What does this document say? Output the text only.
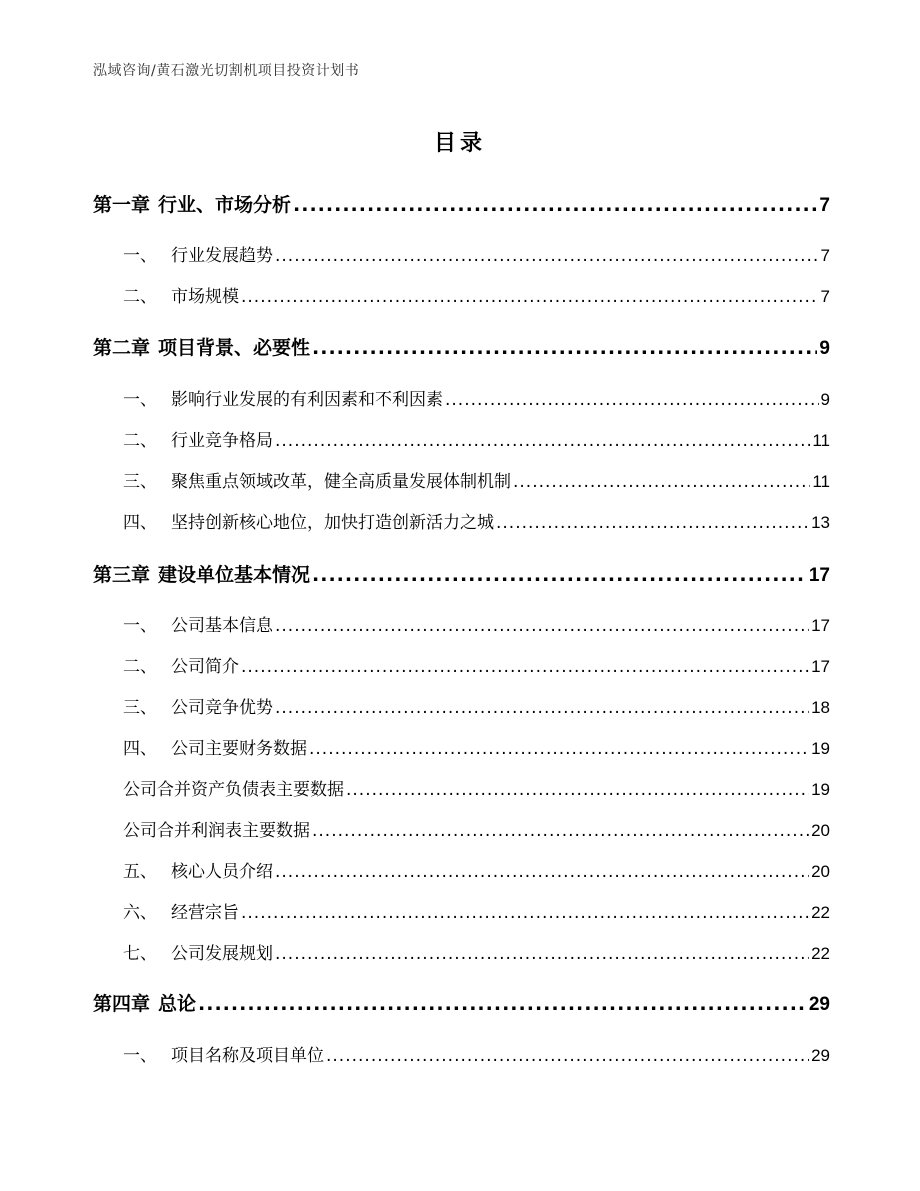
泓域咨询/黄石激光切割机项目投资计划书
目录
第一章 行业、市场分析 .....	7
一、 行业发展趋势 .....	7
二、 市场规模 .....	7
第二章 项目背景、必要性 .....	9
一、 影响行业发展的有利因素和不利因素 .....	9
二、 行业竞争格局 .....	11
三、 聚焦重点领域改革，健全高质量发展体制机制 .....	11
四、 坚持创新核心地位，加快打造创新活力之城 .....	13
第三章 建设单位基本情况 .....	17
一、 公司基本信息 .....	17
二、 公司简介 .....	17
三、 公司竞争优势 .....	18
四、 公司主要财务数据 .....	19
公司合并资产负债表主要数据 .....	19
公司合并利润表主要数据 .....	20
五、 核心人员介绍 .....	20
六、 经营宗旨 .....	22
七、 公司发展规划 .....	22
第四章 总论 .....	29
一、 项目名称及项目单位 .....	29
